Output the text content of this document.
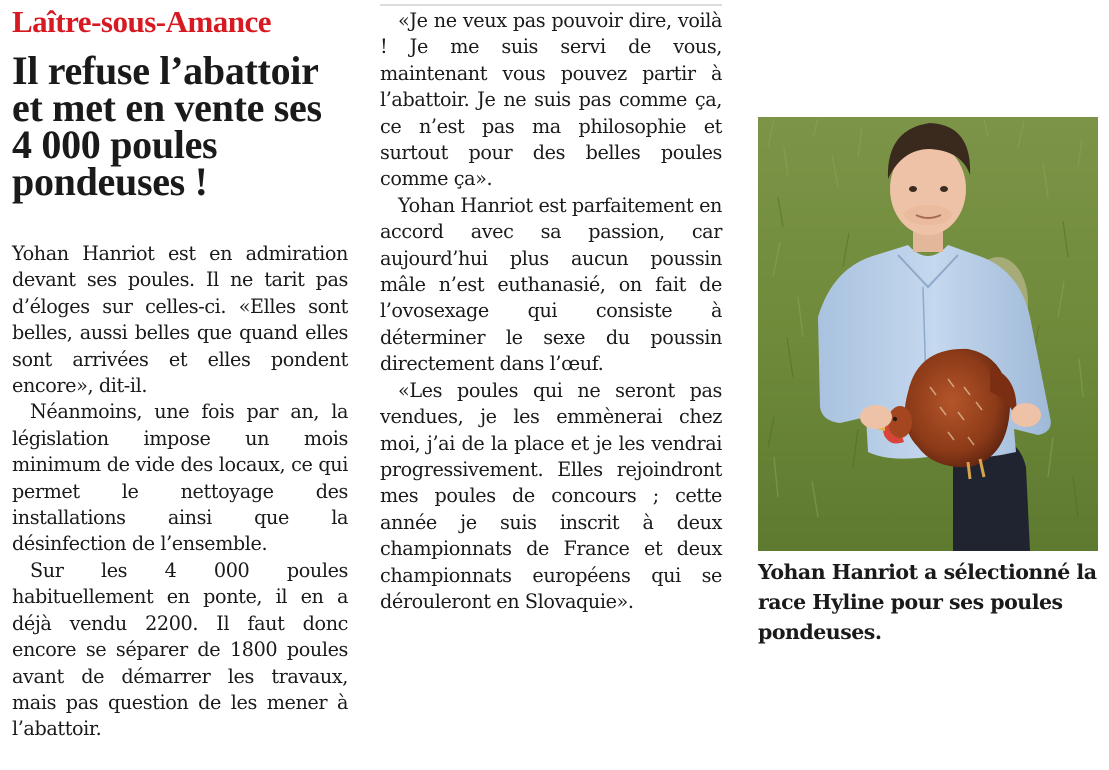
Laître-sous-Amance
Il refuse l’abattoir et met en vente ses 4 000 poules pondeuses !

Yohan Hanriot est en admiration devant ses poules. Il ne tarit pas d’éloges sur celles-ci. «Elles sont belles, aussi belles que quand elles sont arrivées et elles pondent encore», dit-il.

Néanmoins, une fois par an, la législation impose un mois minimum de vide des locaux, ce qui permet le nettoyage des installations ainsi que la désinfection de l’ensemble.

Sur les 4 000 poules habituellement en ponte, il en a déjà vendu 2200. Il faut donc encore se séparer de 1800 poules avant de démarrer les travaux, mais pas question de les mener à l’abattoir.

«Je ne veux pas pouvoir dire, voilà ! Je me suis servi de vous, maintenant vous pouvez partir à l’abattoir. Je ne suis pas comme ça, ce n’est pas ma philosophie et surtout pour des belles poules comme ça».

Yohan Hanriot est parfaitement en accord avec sa passion, car aujourd’hui plus aucun poussin mâle n’est euthanasié, on fait de l’ovosexage qui consiste à déterminer le sexe du poussin directement dans l’œuf.

«Les poules qui ne seront pas vendues, je les emmènerai chez moi, j’ai de la place et je les vendrai progressivement. Elles rejoindront mes poules de concours ; cette année je suis inscrit à deux championnats de France et deux championnats européens qui se dérouleront en Slovaquie».

Yohan Hanriot a sélectionné la race Hyline pour ses poules pondeuses.
